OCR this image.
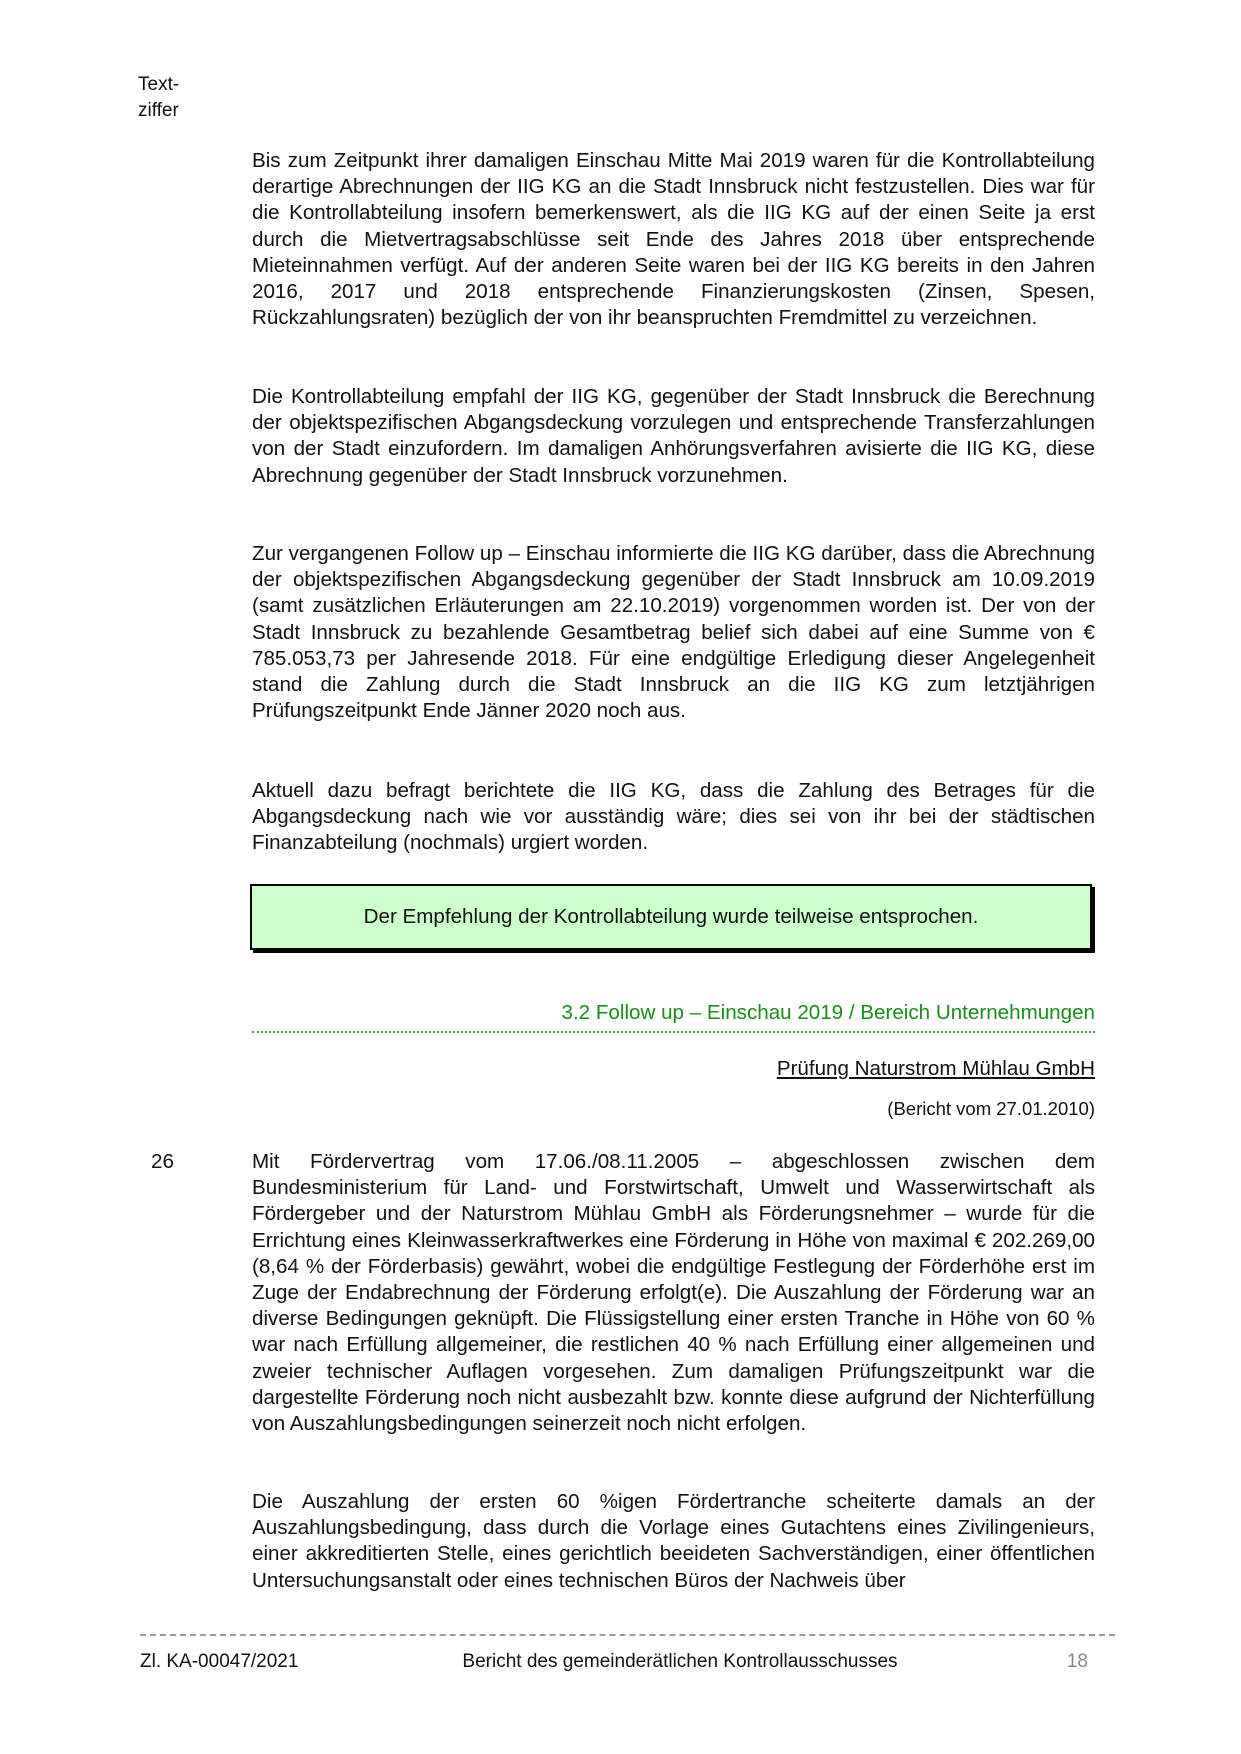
Text-
ziffer

Bis zum Zeitpunkt ihrer damaligen Einschau Mitte Mai 2019 waren für die Kontrollabteilung derartige Abrechnungen der IIG KG an die Stadt Innsbruck nicht festzustellen. Dies war für die Kontrollabteilung insofern bemerkenswert, als die IIG KG auf der einen Seite ja erst durch die Mietvertragsabschlüsse seit Ende des Jahres 2018 über entsprechende Mieteinnahmen verfügt. Auf der anderen Seite waren bei der IIG KG bereits in den Jahren 2016, 2017 und 2018 entsprechende Finanzierungskosten (Zinsen, Spesen, Rückzahlungsraten) bezüglich der von ihr beanspruchten Fremdmittel zu verzeichnen.

Die Kontrollabteilung empfahl der IIG KG, gegenüber der Stadt Innsbruck die Berechnung der objektspezifischen Abgangsdeckung vorzulegen und entsprechende Transferzahlungen von der Stadt einzufordern. Im damaligen Anhörungsverfahren avisierte die IIG KG, diese Abrechnung gegenüber der Stadt Innsbruck vorzunehmen.

Zur vergangenen Follow up – Einschau informierte die IIG KG darüber, dass die Abrechnung der objektspezifischen Abgangsdeckung gegenüber der Stadt Innsbruck am 10.09.2019 (samt zusätzlichen Erläuterungen am 22.10.2019) vorgenommen worden ist. Der von der Stadt Innsbruck zu bezahlende Gesamtbetrag belief sich dabei auf eine Summe von € 785.053,73 per Jahresende 2018. Für eine endgültige Erledigung dieser Angelegenheit stand die Zahlung durch die Stadt Innsbruck an die IIG KG zum letztjährigen Prüfungszeitpunkt Ende Jänner 2020 noch aus.

Aktuell dazu befragt berichtete die IIG KG, dass die Zahlung des Betrages für die Abgangsdeckung nach wie vor ausständig wäre; dies sei von ihr bei der städtischen Finanzabteilung (nochmals) urgiert worden.

Der Empfehlung der Kontrollabteilung wurde teilweise entsprochen.
3.2 Follow up – Einschau 2019 / Bereich Unternehmungen
Prüfung Naturstrom Mühlau GmbH
(Bericht vom 27.01.2010)
26	Mit Fördervertrag vom 17.06./08.11.2005 – abgeschlossen zwischen dem Bundesministerium für Land- und Forstwirtschaft, Umwelt und Wasserwirtschaft als Fördergeber und der Naturstrom Mühlau GmbH als Förderungsnehmer – wurde für die Errichtung eines Kleinwasserkraftwerkes eine Förderung in Höhe von maximal € 202.269,00 (8,64 % der Förderbasis) gewährt, wobei die endgültige Festlegung der Förderhöhe erst im Zuge der Endabrechnung der Förderung erfolgt(e). Die Auszahlung der Förderung war an diverse Bedingungen geknüpft. Die Flüssigstellung einer ersten Tranche in Höhe von 60 % war nach Erfüllung allgemeiner, die restlichen 40 % nach Erfüllung einer allgemeinen und zweier technischer Auflagen vorgesehen. Zum damaligen Prüfungszeitpunkt war die dargestellte Förderung noch nicht ausbezahlt bzw. konnte diese aufgrund der Nichterfüllung von Auszahlungsbedingungen seinerzeit noch nicht erfolgen.

Die Auszahlung der ersten 60 %igen Fördertranche scheiterte damals an der Auszahlungsbedingung, dass durch die Vorlage eines Gutachtens eines Zivilingenieurs, einer akkreditierten Stelle, eines gerichtlich beeideten Sachverständigen, einer öffentlichen Untersuchungsanstalt oder eines technischen Büros der Nachweis über

Zl. KA-00047/2021	Bericht des gemeinderätlichen Kontrollausschusses	18
